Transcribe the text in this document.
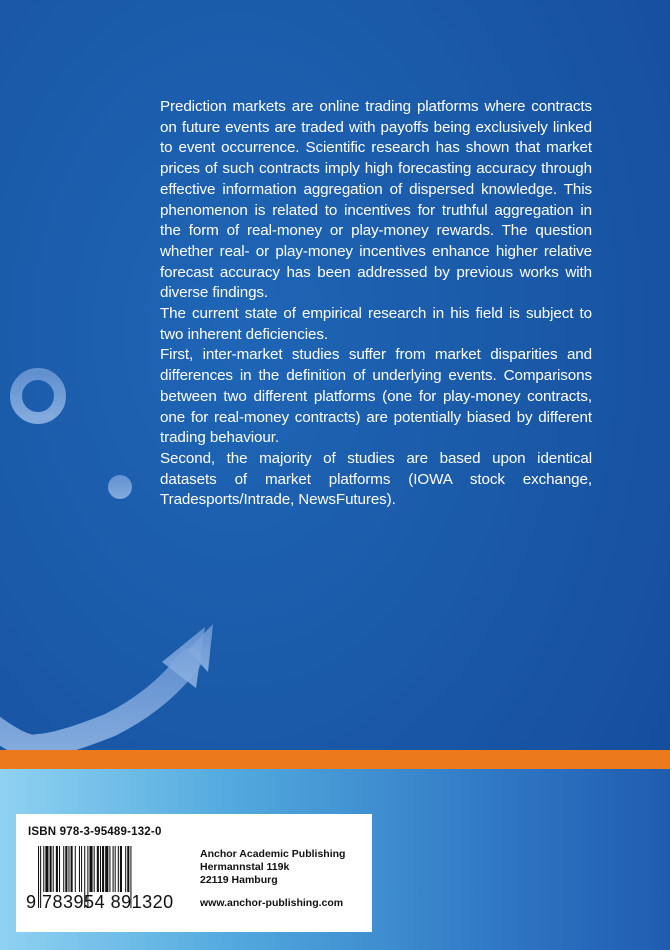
Prediction markets are online trading platforms where contracts on future events are traded with payoffs being exclusively linked to event occurrence. Scientific research has shown that market prices of such contracts imply high forecasting accuracy through effective information aggregation of dispersed knowledge. This phenomenon is related to incentives for truthful aggregation in the form of real-money or play-money rewards. The question whether real- or play-money incentives enhance higher relative forecast accuracy has been addressed by previous works with diverse findings.

The current state of empirical research in his field is subject to two inherent deficiencies.

First, inter-market studies suffer from market disparities and differences in the definition of underlying events. Comparisons between two different platforms (one for play-money contracts, one for real-money contracts) are potentially biased by different trading behaviour.

Second, the majority of studies are based upon identical datasets of market platforms (IOWA stock exchange, Tradesports/Intrade, NewsFutures).

ISBN 978-3-95489-132-0
9 783954 891320
Anchor Academic Publishing
Hermannstal 119k
22119 Hamburg
www.anchor-publishing.com
